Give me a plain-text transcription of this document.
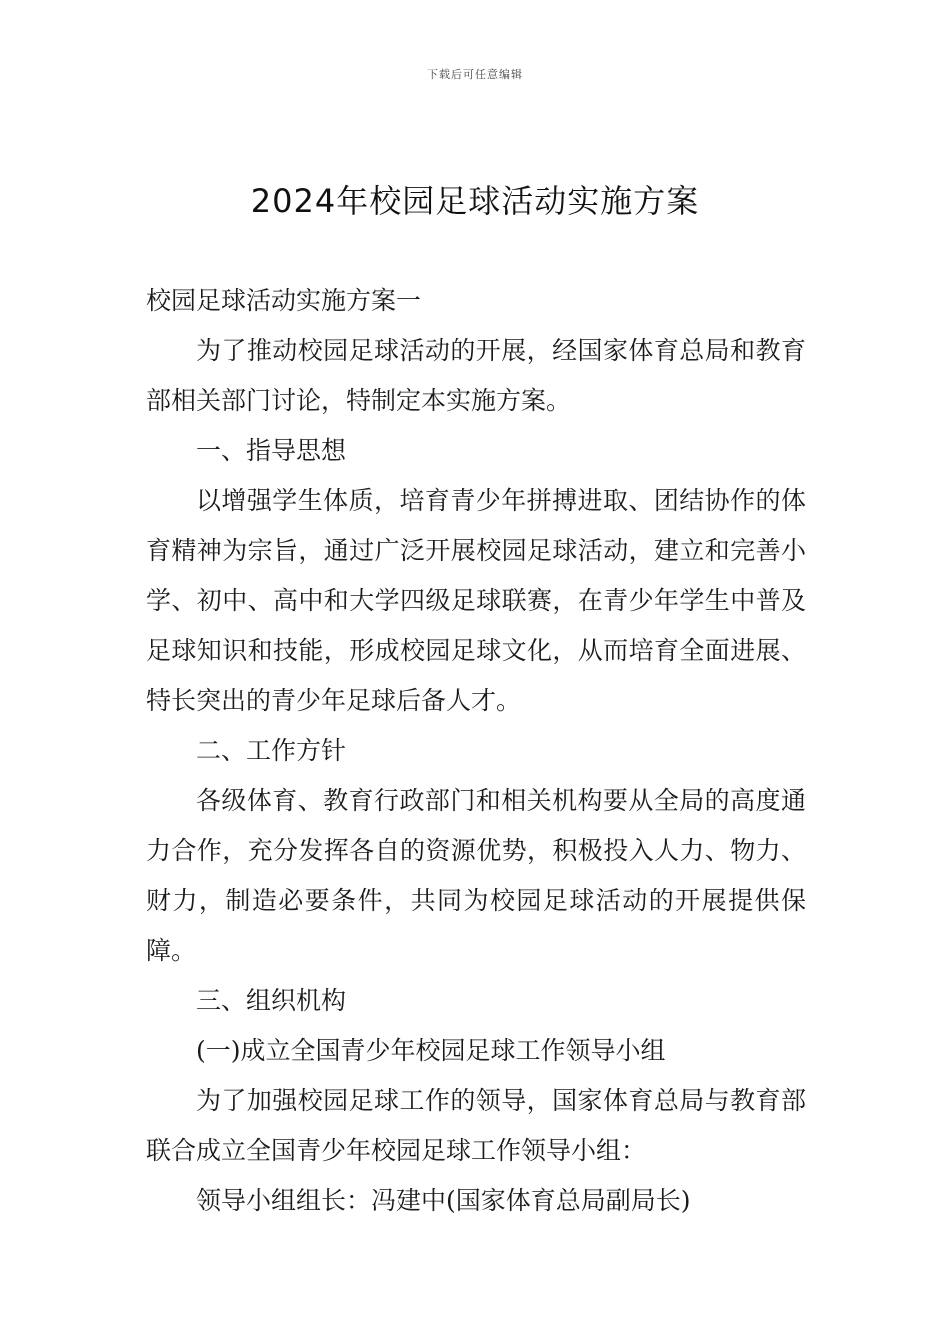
下载后可任意编辑
2024年校园足球活动实施方案

校园足球活动实施方案一

为了推动校园足球活动的开展，经国家体育总局和教育部相关部门讨论，特制定本实施方案。

一、指导思想

以增强学生体质，培育青少年拼搏进取、团结协作的体育精神为宗旨，通过广泛开展校园足球活动，建立和完善小学、初中、高中和大学四级足球联赛，在青少年学生中普及足球知识和技能，形成校园足球文化，从而培育全面进展、特长突出的青少年足球后备人才。

二、工作方针

各级体育、教育行政部门和相关机构要从全局的高度通力合作，充分发挥各自的资源优势，积极投入人力、物力、财力，制造必要条件，共同为校园足球活动的开展提供保障。

三、组织机构

(一)成立全国青少年校园足球工作领导小组

为了加强校园足球工作的领导，国家体育总局与教育部联合成立全国青少年校园足球工作领导小组：

领导小组组长：冯建中(国家体育总局副局长)
